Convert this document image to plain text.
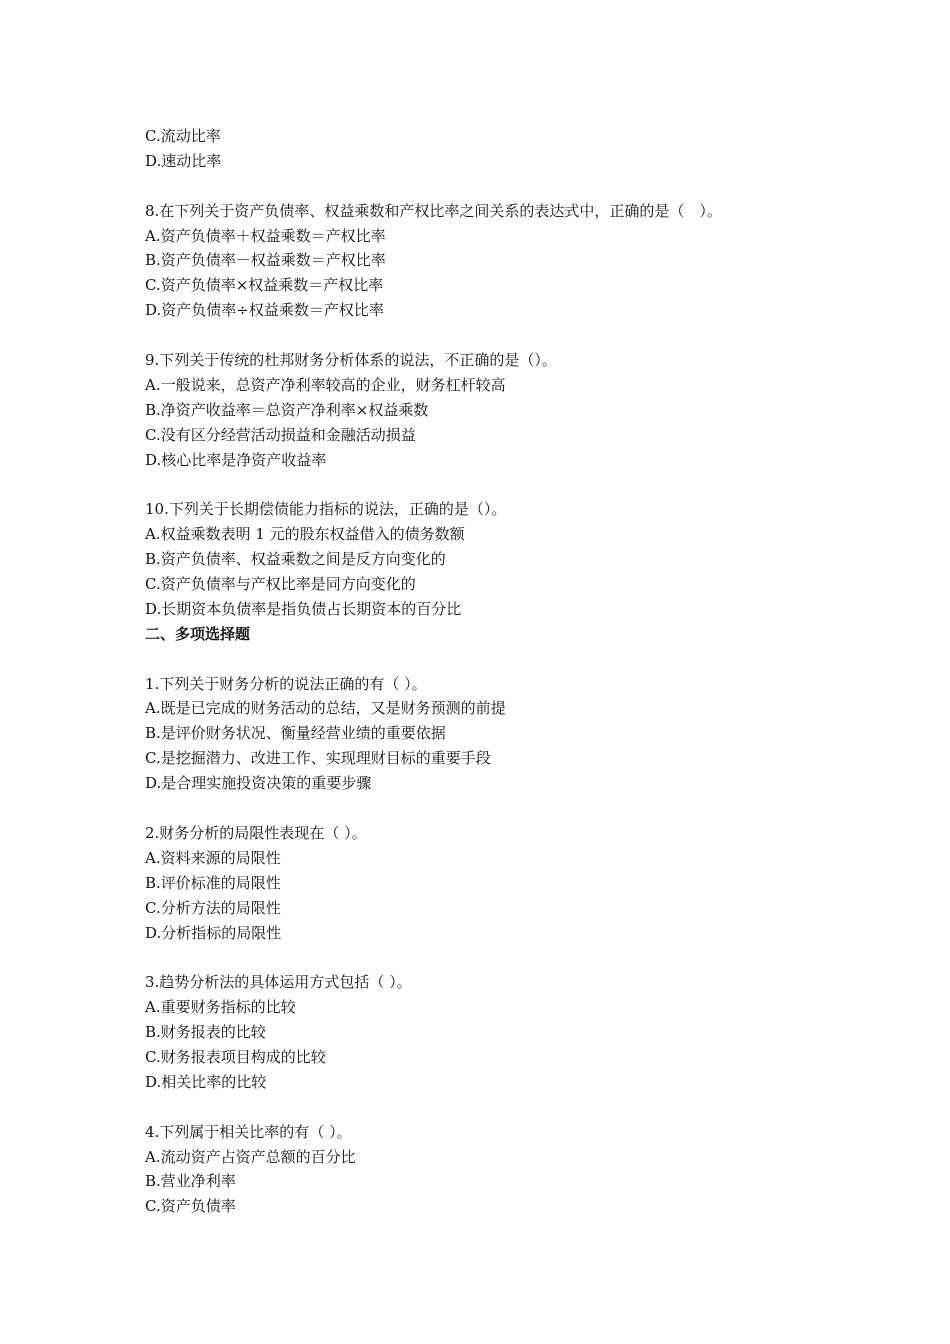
C.流动比率
D.速动比率
8.在下列关于资产负债率、权益乘数和产权比率之间关系的表达式中，正确的是（　）。
A.资产负债率＋权益乘数＝产权比率
B.资产负债率－权益乘数＝产权比率
C.资产负债率×权益乘数＝产权比率
D.资产负债率÷权益乘数＝产权比率
9.下列关于传统的杜邦财务分析体系的说法，不正确的是（）。
A.一般说来，总资产净利率较高的企业，财务杠杆较高
B.净资产收益率＝总资产净利率×权益乘数
C.没有区分经营活动损益和金融活动损益
D.核心比率是净资产收益率
10.下列关于长期偿债能力指标的说法，正确的是（）。
A.权益乘数表明 1 元的股东权益借入的债务数额
B.资产负债率、权益乘数之间是反方向变化的
C.资产负债率与产权比率是同方向变化的
D.长期资本负债率是指负债占长期资本的百分比
二、多项选择题
1.下列关于财务分析的说法正确的有（ ）。
A.既是已完成的财务活动的总结，又是财务预测的前提
B.是评价财务状况、衡量经营业绩的重要依据
C.是挖掘潜力、改进工作、实现理财目标的重要手段
D.是合理实施投资决策的重要步骤
2.财务分析的局限性表现在（ ）。
A.资料来源的局限性
B.评价标准的局限性
C.分析方法的局限性
D.分析指标的局限性
3.趋势分析法的具体运用方式包括（ ）。
A.重要财务指标的比较
B.财务报表的比较
C.财务报表项目构成的比较
D.相关比率的比较
4.下列属于相关比率的有（ ）。
A.流动资产占资产总额的百分比
B.营业净利率
C.资产负债率
